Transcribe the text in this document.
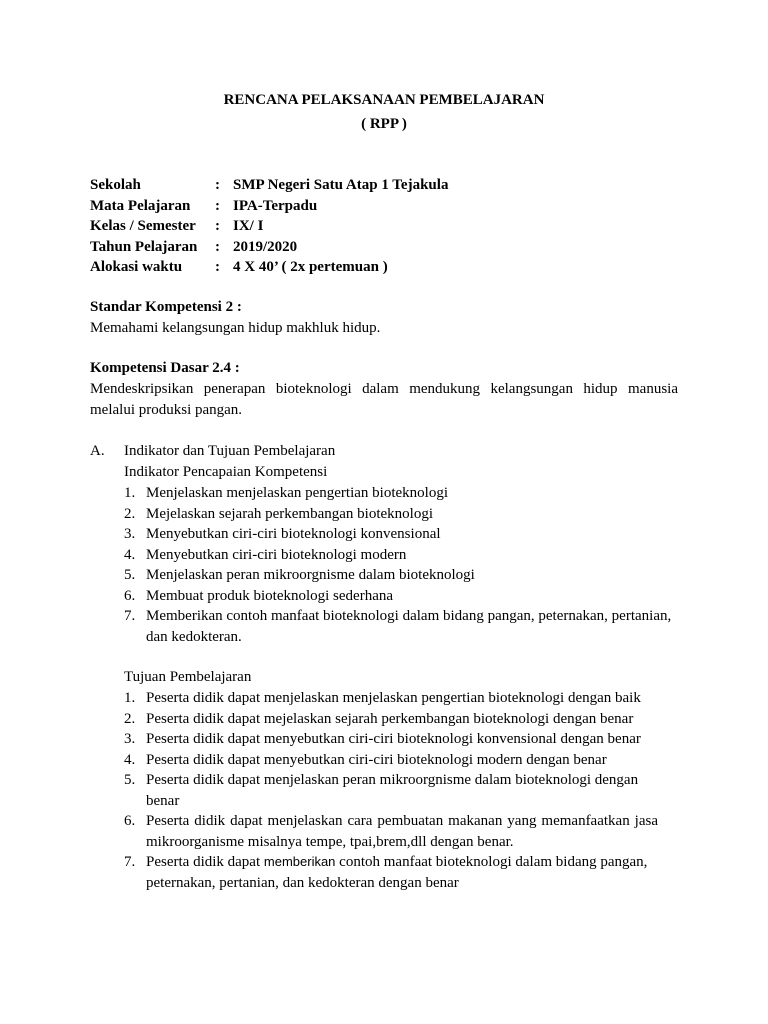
RENCANA PELAKSANAAN PEMBELAJARAN
( RPP )
Sekolah	: SMP Negeri Satu Atap 1 Tejakula
Mata Pelajaran	: IPA-Terpadu
Kelas / Semester	: IX/ I
Tahun Pelajaran	: 2019/2020
Alokasi waktu	: 4 X 40’ ( 2x pertemuan )
Standar Kompetensi 2 :
Memahami kelangsungan hidup makhluk hidup.
Kompetensi Dasar 2.4 :
Mendeskripsikan penerapan bioteknologi dalam mendukung kelangsungan hidup manusia melalui produksi pangan.
A. Indikator dan Tujuan Pembelajaran
Indikator Pencapaian Kompetensi
1. Menjelaskan menjelaskan pengertian bioteknologi
2. Mejelaskan sejarah perkembangan bioteknologi
3. Menyebutkan ciri-ciri bioteknologi konvensional
4. Menyebutkan ciri-ciri bioteknologi modern
5. Menjelaskan peran mikroorgnisme dalam bioteknologi
6. Membuat produk bioteknologi sederhana
7. Memberikan contoh manfaat bioteknologi dalam bidang pangan, peternakan, pertanian, dan kedokteran.
Tujuan Pembelajaran
1. Peserta didik dapat menjelaskan menjelaskan pengertian bioteknologi dengan baik
2. Peserta didik dapat mejelaskan sejarah perkembangan bioteknologi dengan benar
3. Peserta didik dapat menyebutkan ciri-ciri bioteknologi konvensional dengan benar
4. Peserta didik dapat menyebutkan ciri-ciri bioteknologi modern dengan benar
5. Peserta didik dapat menjelaskan peran mikroorgnisme dalam bioteknologi dengan benar
6. Peserta didik dapat menjelaskan cara pembuatan makanan yang memanfaatkan jasa mikroorganisme misalnya tempe, tpai,brem,dll dengan benar.
7. Peserta didik dapat memberikan contoh manfaat bioteknologi dalam bidang pangan, peternakan, pertanian, dan kedokteran dengan benar
